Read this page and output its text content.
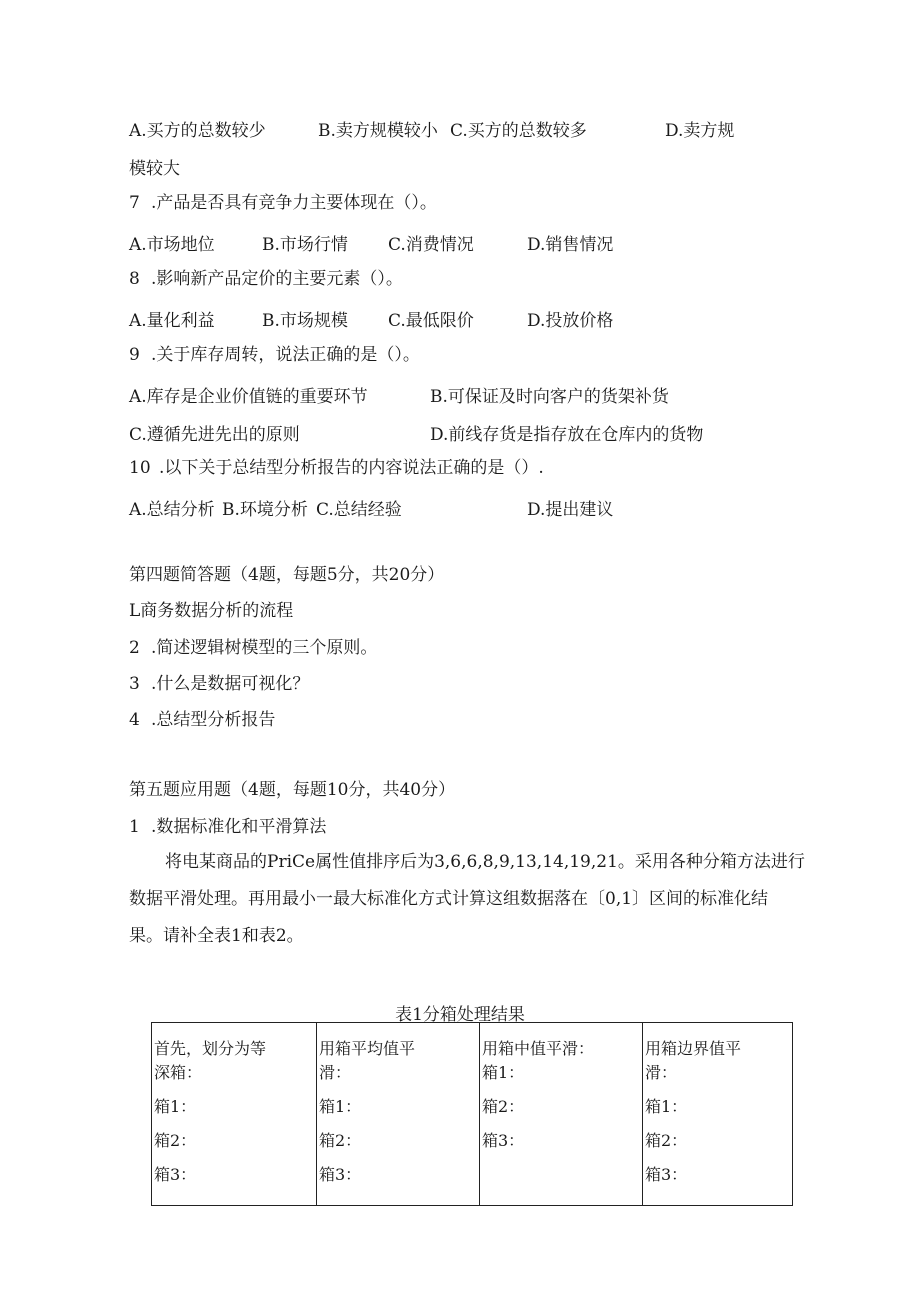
A.买方的总数较少	B.卖方规模较小 C.买方的总数较多	D.卖方规
模较大
7 .产品是否具有竞争力主要体现在（）。
A.市场地位	B.市场行情 C.消费情况	D.销售情况
8 .影响新产品定价的主要元素（）。
A.量化利益	B.市场规模 C.最低限价	D.投放价格
9 .关于库存周转，说法正确的是（）。
A.库存是企业价值链的重要环节	B.可保证及时向客户的货架补货
C.遵循先进先出的原则	D.前线存货是指存放在仓库内的货物
10 .以下关于总结型分析报告的内容说法正确的是（）.
A.总结分析 B.环境分析 C.总结经验	D.提出建议
第四题简答题（4题，每题5分，共20分）
L商务数据分析的流程
2 .简述逻辑树模型的三个原则。
3 .什么是数据可视化？
4 .总结型分析报告
第五题应用题（4题，每题10分，共40分）
1 .数据标准化和平滑算法
将电某商品的PriCe属性值排序后为3,6,6,8,9,13,14,19,21。采用各种分箱方法进行
数据平滑处理。再用最小一最大标准化方式计算这组数据落在〔0,1〕区间的标准化结
果。请补全表1和表2。
表1分箱处理结果
首先，划分为等
深箱：
箱1：
箱2：
箱3：

用箱平均值平
滑：
箱1：
箱2：
箱3：

用箱中值平滑：
箱1：
箱2：
箱3：

用箱边界值平
滑：
箱1：
箱2：
箱3：
